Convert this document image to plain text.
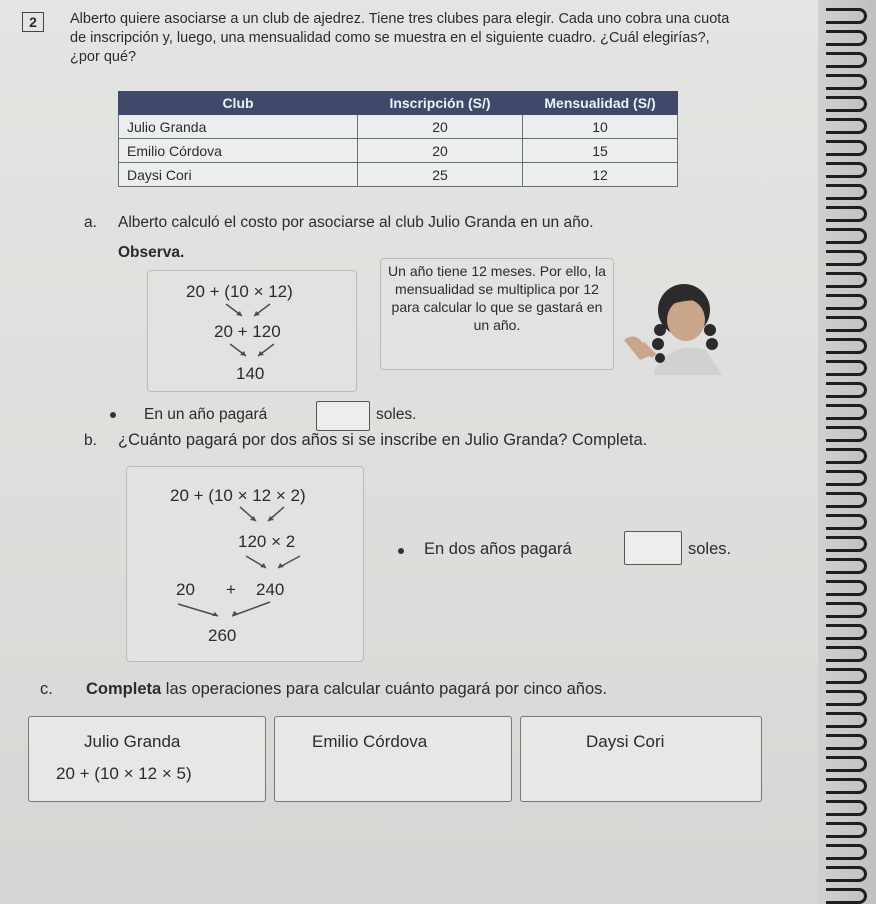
2	Alberto quiere asociarse a un club de ajedrez. Tiene tres clubes para elegir. Cada uno cobra una cuota de inscripción y, luego, una mensualidad como se muestra en el siguiente cuadro. ¿Cuál elegirías?, ¿por qué?
Club	Inscripción (S/)	Mensualidad (S/)
Julio Granda	20	10
Emilio Córdova	20	15
Daysi Cori	25	12
a. Alberto calculó el costo por asociarse al club Julio Granda en un año.
Observa.
20 + (10 × 12)
20 + 120
140
Un año tiene 12 meses. Por ello, la mensualidad se multiplica por 12 para calcular lo que se gastará en un año.
En un año pagará	soles.
b. ¿Cuánto pagará por dos años si se inscribe en Julio Granda? Completa.
20 + (10 × 12 × 2)
120 × 2
20 + 240
260
En dos años pagará	soles.
c. Completa las operaciones para calcular cuánto pagará por cinco años.
Julio Granda	Emilio Córdova	Daysi Cori
20 + (10 × 12 × 5)
